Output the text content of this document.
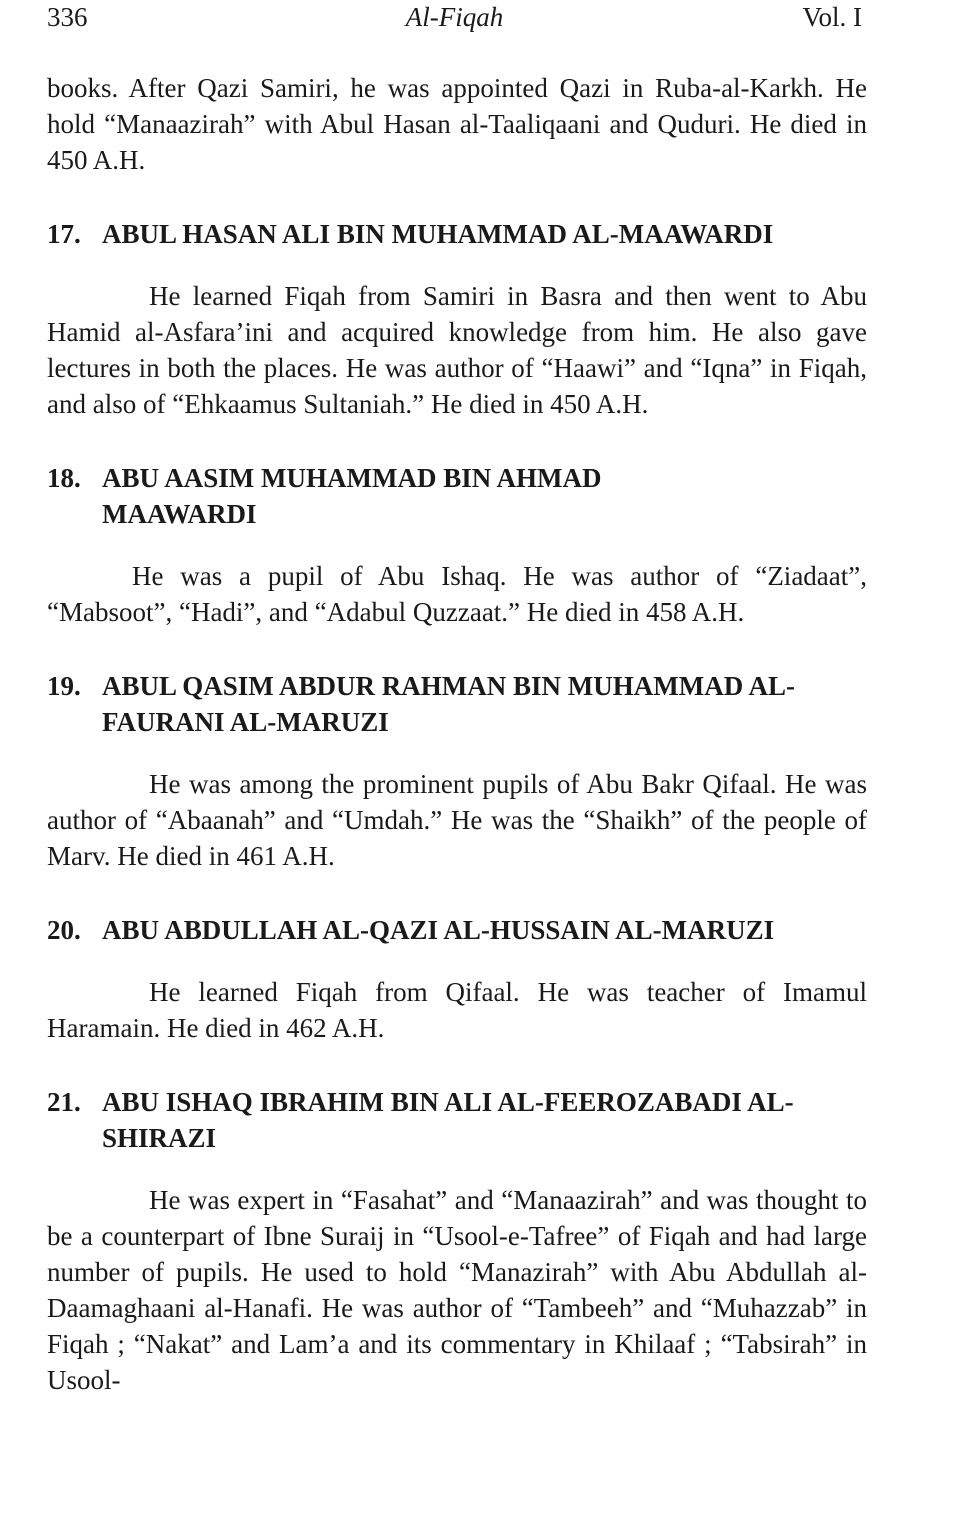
336	Al-Fiqah	Vol. I

books. After Qazi Samiri, he was appointed Qazi in Ruba-al-Karkh. He hold “Manaazirah” with Abul Hasan al-Taaliqaani and Quduri. He died in 450 A.H.

17. ABUL HASAN ALI BIN MUHAMMAD AL-MAAWARDI

He learned Fiqah from Samiri in Basra and then went to Abu Hamid al-Asfara’ini and acquired knowledge from him. He also gave lectures in both the places. He was author of “Haawi” and “Iqna” in Fiqah, and also of “Ehkaamus Sultaniah.” He died in 450 A.H.

18. ABU AASIM MUHAMMAD BIN AHMAD MAAWARDI

He was a pupil of Abu Ishaq. He was author of “Ziadaat”, “Mabsoot”, “Hadi”, and “Adabul Quzzaat.” He died in 458 A.H.

19. ABUL QASIM ABDUR RAHMAN BIN MUHAMMAD AL-FAURANI AL-MARUZI

He was among the prominent pupils of Abu Bakr Qifaal. He was author of “Abaanah” and “Umdah.” He was the “Shaikh” of the people of Marv. He died in 461 A.H.

20. ABU ABDULLAH AL-QAZI AL-HUSSAIN AL-MARUZI

He learned Fiqah from Qifaal. He was teacher of Imamul Haramain. He died in 462 A.H.

21. ABU ISHAQ IBRAHIM BIN ALI AL-FEEROZABADI AL-SHIRAZI

He was expert in “Fasahat” and “Manaazirah” and was thought to be a counterpart of Ibne Suraij in “Usool-e-Tafree” of Fiqah and had large number of pupils. He used to hold “Manazirah” with Abu Abdullah al-Daamaghaani al-Hanafi. He was author of “Tambeeh” and “Muhazzab” in Fiqah ; “Nakat” and Lam’a and its commentary in Khilaaf ; “Tabsirah” in Usool-
